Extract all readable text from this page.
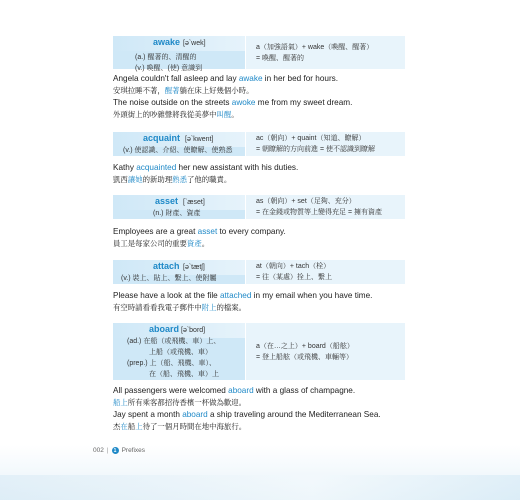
awake [əˋwek]
(a.) 醒著的、清醒的
(v.) 喚醒、(使) 意識到
a（加強語氣）+ wake（喚醒、醒著）
= 喚醒、醒著的
Angela couldn't fall asleep and lay awake in her bed for hours.
安琪拉睡不著，醒著躺在床上好幾個小時。
The noise outside on the streets awoke me from my sweet dream.
外頭街上的吵雜聲將我從美夢中叫醒。
acquaint [əˋkwent]
(v.) 使認識、介紹、使瞭解、使熟悉
ac（朝向）+ quaint（知道、瞭解）
= 朝瞭解的方向前進 = 使不認識到瞭解
Kathy acquainted her new assistant with his duties.
凱西讓她的新助理熟悉了他的職責。
asset [ˋæset]
(n.) 財產、資產
as（朝向）+ set（足夠、充分）
= 在金錢或物質等上變得充足 = 擁有資產
Employees are a great asset to every company.
員工是每家公司的重要資產。
attach [əˋtætʃ]
(v.) 裝上、貼上、繫上、使附屬
at（朝向）+ tach（栓）
= 往（某處）拴上、繫上
Please have a look at the file attached in my email when you have time.
有空時請看看我電子郵件中附上的檔案。
aboard [əˋbord]
(ad.) 在船（或飛機、車）上、
上船（或飛機、車）
(prep.) 上（船、飛機、車）、
在（船、飛機、車）上
a（在…之上）+ board（船舷）
= 登上船舷（或飛機、車輛等）
All passengers were welcomed aboard with a glass of champagne.
船上所有乘客都招待香檳一杯做為歡迎。
Jay spent a month aboard a ship traveling around the Mediterranean Sea.
杰在船上待了一個月時間在地中海旅行。
002 |	1 Prefixes
